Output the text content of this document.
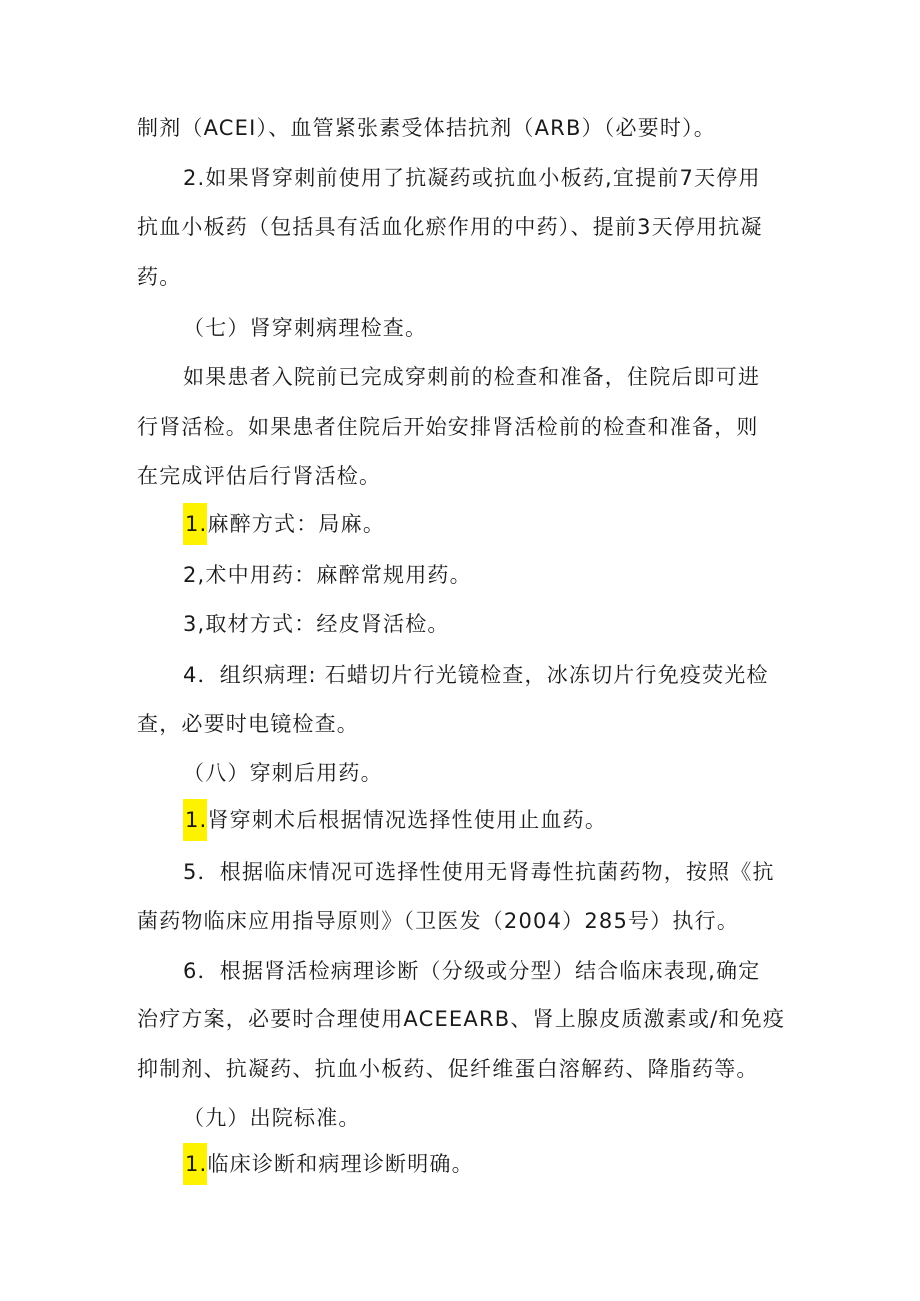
制剂（ACEI）、血管紧张素受体拮抗剂（ARB）（必要时）。
2.如果肾穿刺前使用了抗凝药或抗血小板药,宜提前7天停用
抗血小板药（包括具有活血化瘀作用的中药）、提前3天停用抗凝
药。
（七）肾穿刺病理检查。
如果患者入院前已完成穿刺前的检查和准备，住院后即可进
行肾活检。如果患者住院后开始安排肾活检前的检查和准备，则
在完成评估后行肾活检。
1.麻醉方式：局麻。
2,术中用药：麻醉常规用药。
3,取材方式：经皮肾活检。
4．组织病理: 石蜡切片行光镜检查，冰冻切片行免疫荧光检
查，必要时电镜检查。
（八）穿刺后用药。
1.肾穿刺术后根据情况选择性使用止血药。
5．根据临床情况可选择性使用无肾毒性抗菌药物，按照《抗
菌药物临床应用指导原则》（卫医发（2004）285号）执行。
6．根据肾活检病理诊断（分级或分型）结合临床表现,确定
治疗方案，必要时合理使用ACEEARB、肾上腺皮质激素或/和免疫
抑制剂、抗凝药、抗血小板药、促纤维蛋白溶解药、降脂药等。
（九）出院标准。
1.临床诊断和病理诊断明确。
